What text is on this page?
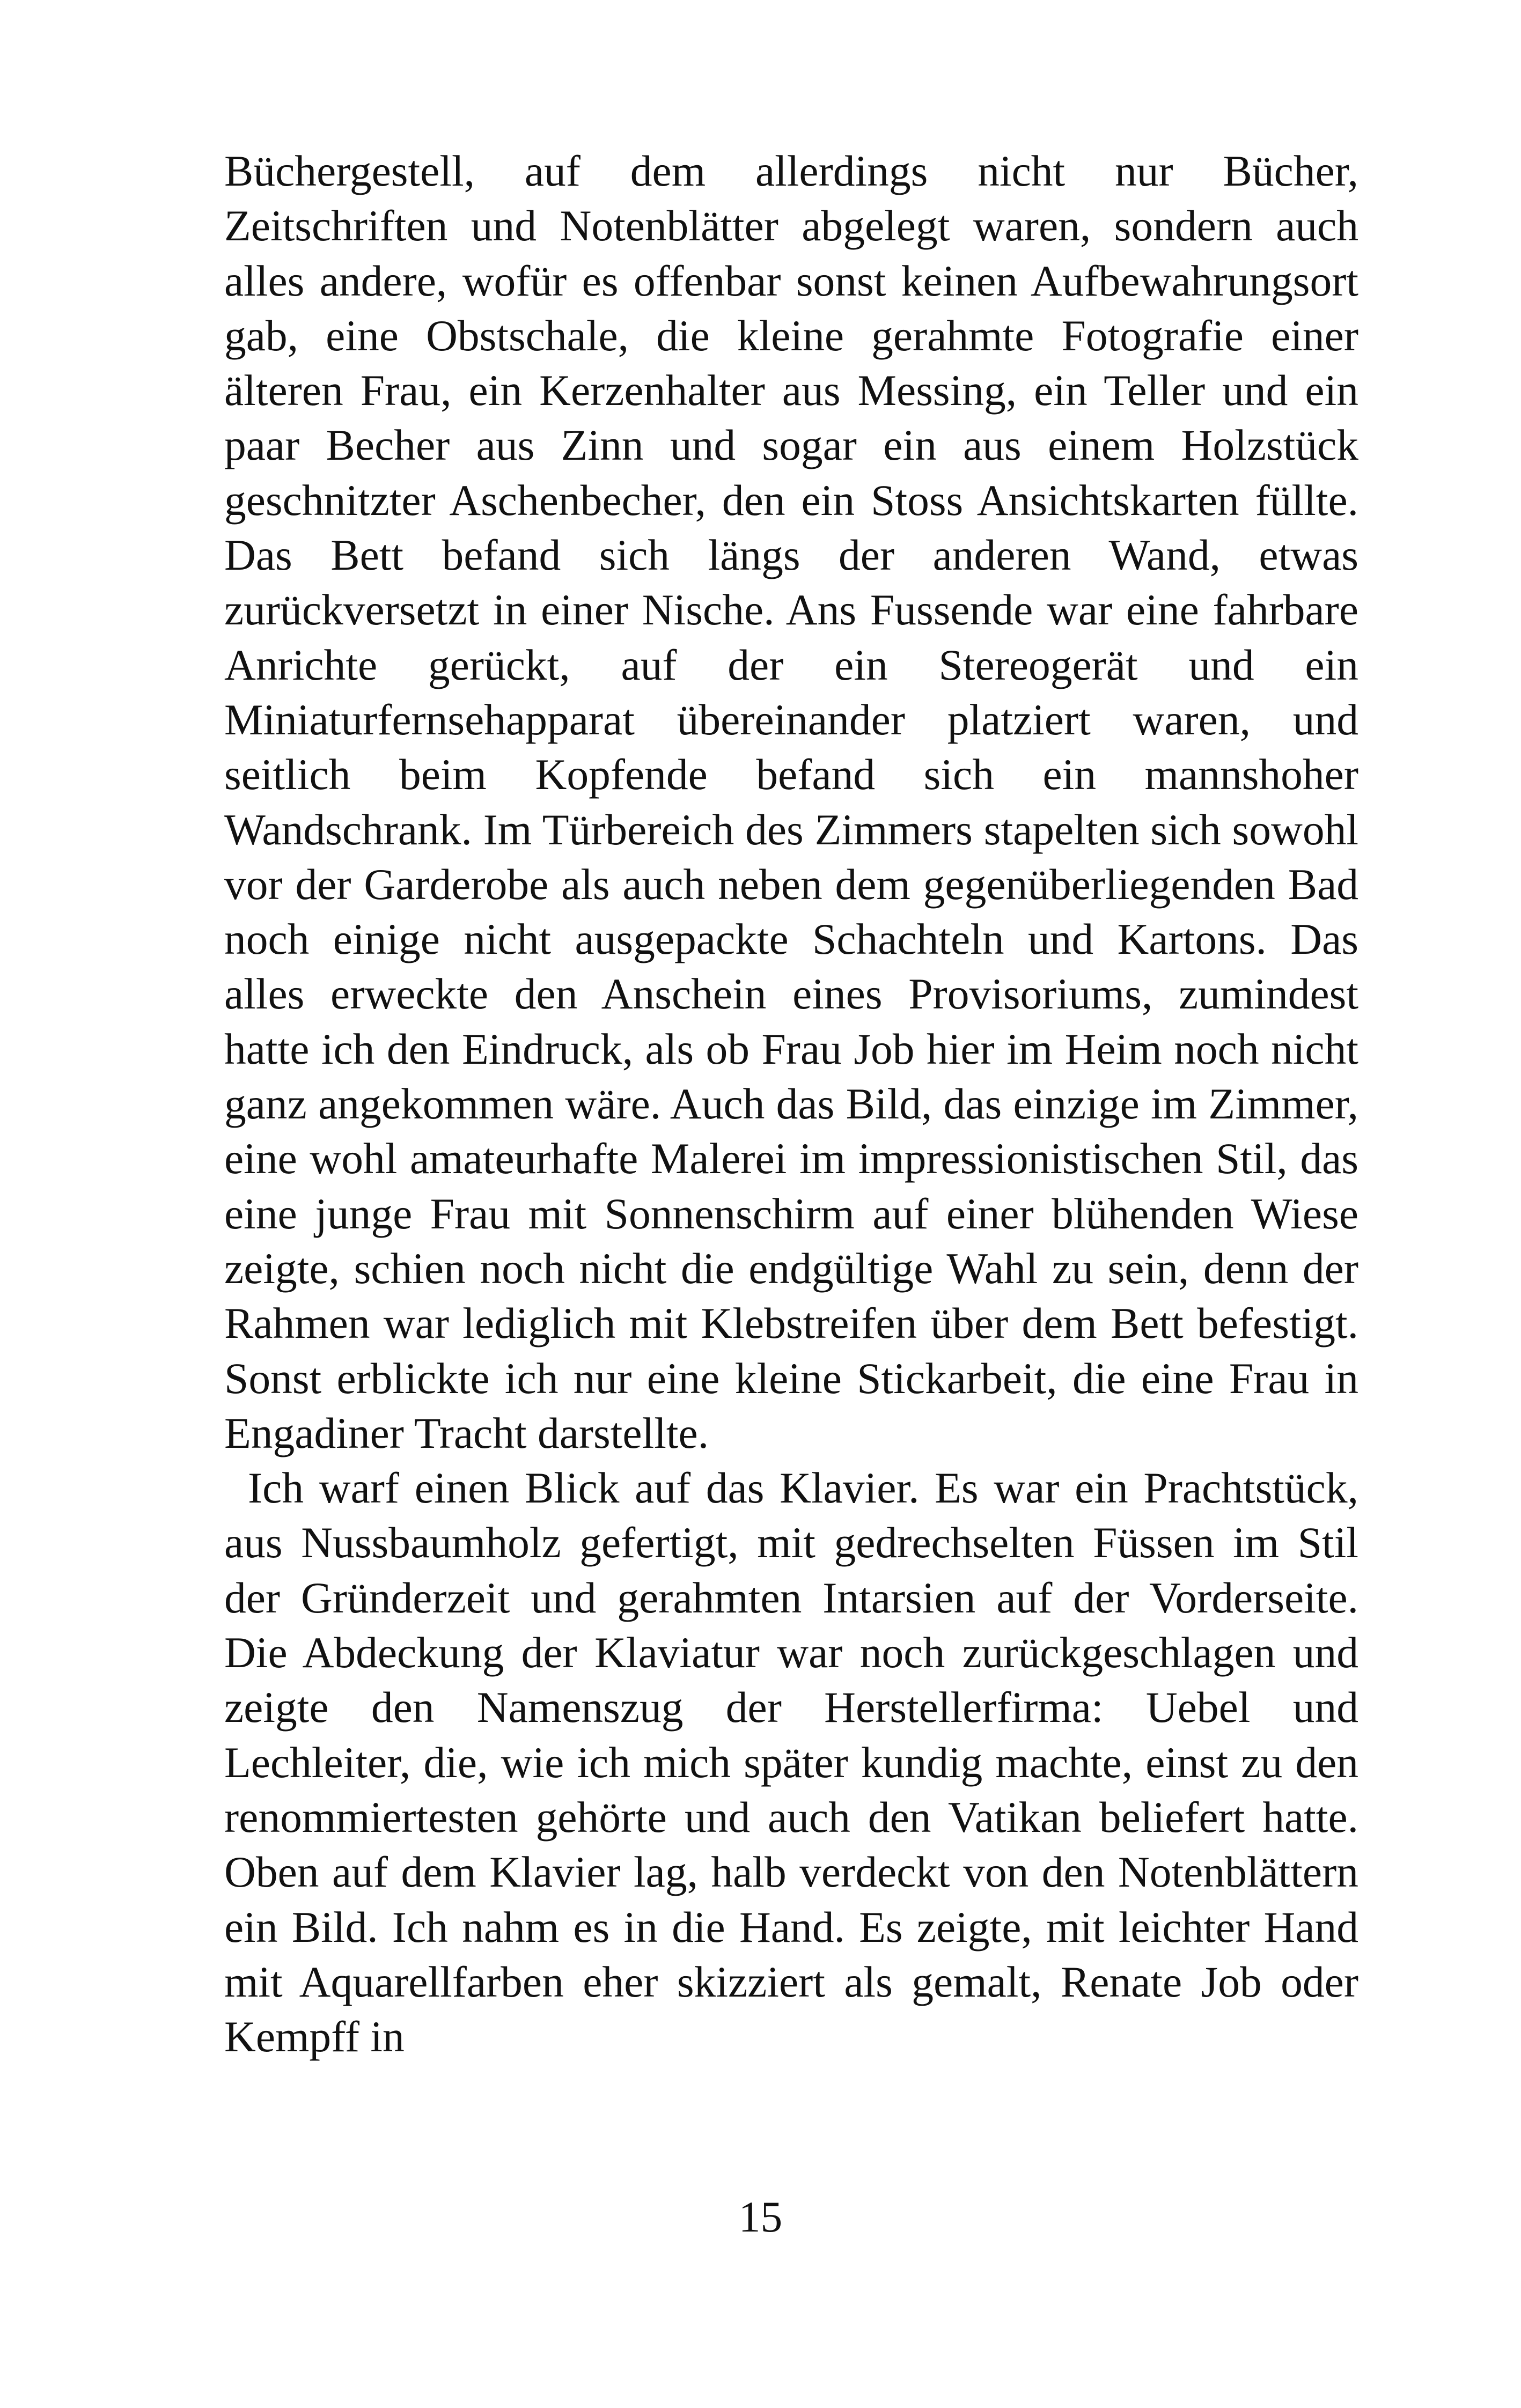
Büchergestell, auf dem allerdings nicht nur Bücher, Zeitschriften und Notenblätter abgelegt waren, sondern auch alles andere, wofür es offenbar sonst keinen Aufbewahrungsort gab, eine Obstschale, die kleine gerahmte Fotografie einer älteren Frau, ein Kerzenhalter aus Messing, ein Teller und ein paar Becher aus Zinn und sogar ein aus einem Holzstück geschnitzter Aschenbecher, den ein Stoss Ansichtskarten füllte. Das Bett befand sich längs der anderen Wand, etwas zurückversetzt in einer Nische. Ans Fussende war eine fahrbare Anrichte gerückt, auf der ein Stereogerät und ein Miniaturfernsehapparat übereinander platziert waren, und seitlich beim Kopfende befand sich ein mannshoher Wandschrank. Im Türbereich des Zimmers stapelten sich sowohl vor der Garderobe als auch neben dem gegenüberliegenden Bad noch einige nicht ausgepackte Schachteln und Kartons. Das alles erweckte den Anschein eines Provisoriums, zumindest hatte ich den Eindruck, als ob Frau Job hier im Heim noch nicht ganz angekommen wäre. Auch das Bild, das einzige im Zimmer, eine wohl amateurhafte Malerei im impressionistischen Stil, das eine junge Frau mit Sonnenschirm auf einer blühenden Wiese zeigte, schien noch nicht die endgültige Wahl zu sein, denn der Rahmen war lediglich mit Klebstreifen über dem Bett befestigt. Sonst erblickte ich nur eine kleine Stickarbeit, die eine Frau in Engadiner Tracht darstellte.

Ich warf einen Blick auf das Klavier. Es war ein Prachtstück, aus Nussbaumholz gefertigt, mit gedrechselten Füssen im Stil der Gründerzeit und gerahmten Intarsien auf der Vorderseite. Die Abdeckung der Klaviatur war noch zurückgeschlagen und zeigte den Namenszug der Herstellerfirma: Uebel und Lechleiter, die, wie ich mich später kundig machte, einst zu den renommiertesten gehörte und auch den Vatikan beliefert hatte. Oben auf dem Klavier lag, halb verdeckt von den Notenblättern ein Bild. Ich nahm es in die Hand. Es zeigte, mit leichter Hand mit Aquarellfarben eher skizziert als gemalt, Renate Job oder Kempff in

15
